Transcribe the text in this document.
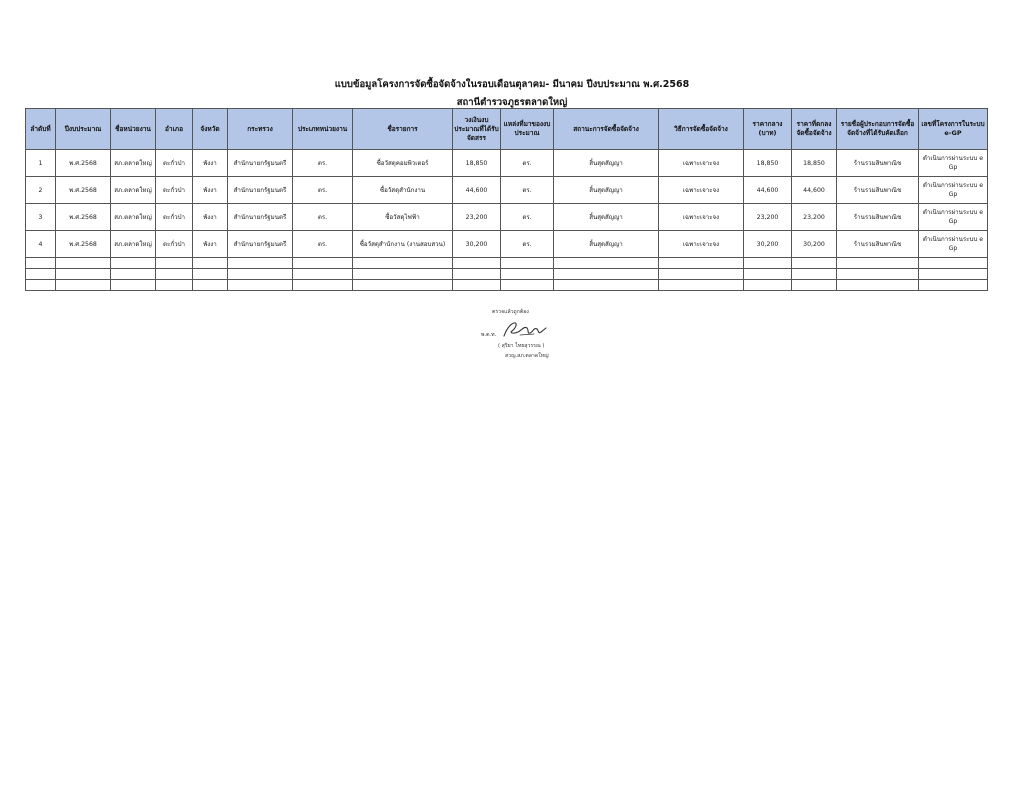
แบบข้อมูลโครงการจัดซื้อจัดจ้างในรอบเดือนตุลาคม- มีนาคม ปีงบประมาณ พ.ศ.2568
สถานีตำรวจภูธรตลาดใหญ่
ลำดับที่	ปีงบประมาณ	ชื่อหน่วยงาน	อำเภอ	จังหวัด	กระทรวง	ประเภทหน่วยงาน	ชื่อรายการ	วงเงินงบประมาณที่ได้รับจัดสรร	แหล่งที่มาของงบประมาณ	สถานะการจัดซื้อจัดจ้าง	วิธีการจัดซื้อจัดจ้าง	ราคากลาง (บาท)	ราคาที่ตกลงจัดซื้อจัดจ้าง	รายชื่อผู้ประกอบการจัดซื้อจัดจ้างที่ได้รับคัดเลือก	เลขที่โครงการในระบบ e-GP
1	พ.ศ.2568	สภ.ตลาดใหญ่	ตะกั่วป่า	พังงา	สำนักนายกรัฐมนตรี	ตร.	ซื้อวัสดุคอมพิวเตอร์	18,850	ตร.	สิ้นสุดสัญญา	เฉพาะเจาะจง	18,850	18,850	ร้านรวมสินพาณิช	ดำเนินการผ่านระบบ e Gp
2	พ.ศ.2568	สภ.ตลาดใหญ่	ตะกั่วป่า	พังงา	สำนักนายกรัฐมนตรี	ตร.	ซื้อวัสดุสำนักงาน	44,600	ตร.	สิ้นสุดสัญญา	เฉพาะเจาะจง	44,600	44,600	ร้านรวมสินพาณิช	ดำเนินการผ่านระบบ e Gp
3	พ.ศ.2568	สภ.ตลาดใหญ่	ตะกั่วป่า	พังงา	สำนักนายกรัฐมนตรี	ตร.	ซื้อวัสดุไฟฟ้า	23,200	ตร.	สิ้นสุดสัญญา	เฉพาะเจาะจง	23,200	23,200	ร้านรวมสินพาณิช	ดำเนินการผ่านระบบ e Gp
4	พ.ศ.2568	สภ.ตลาดใหญ่	ตะกั่วป่า	พังงา	สำนักนายกรัฐมนตรี	ตร.	ซื้อวัสดุสำนักงาน (งานสอบสวน)	30,200	ตร.	สิ้นสุดสัญญา	เฉพาะเจาะจง	30,200	30,200	ร้านรวมสินพาณิช	ดำเนินการผ่านระบบ e Gp

ตรวจแล้วถูกต้อง
พ.ต.ท.
( สุริยา ไทยสุวรรณ )
สวญ.สภ.ตลาดใหญ่
